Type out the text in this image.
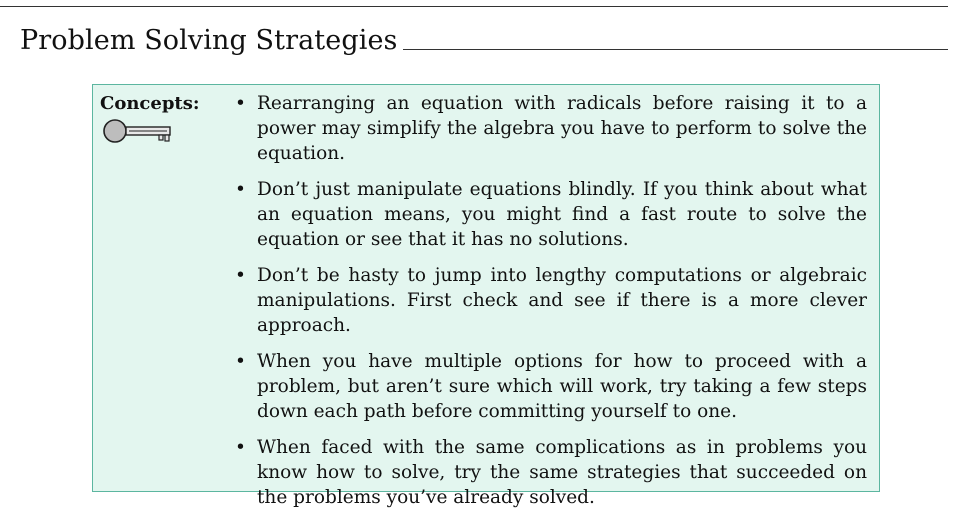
Problem Solving Strategies
Concepts: • Rearranging an equation with radicals before raising it to a power may simplify the algebra you have to perform to solve the equation.
• Don’t just manipulate equations blindly. If you think about what an equation means, you might find a fast route to solve the equation or see that it has no solutions.
• Don’t be hasty to jump into lengthy computations or algebraic manipulations. First check and see if there is a more clever approach.
• When you have multiple options for how to proceed with a problem, but aren’t sure which will work, try taking a few steps down each path before committing yourself to one.
• When faced with the same complications as in problems you know how to solve, try the same strategies that succeeded on the problems you’ve already solved.
